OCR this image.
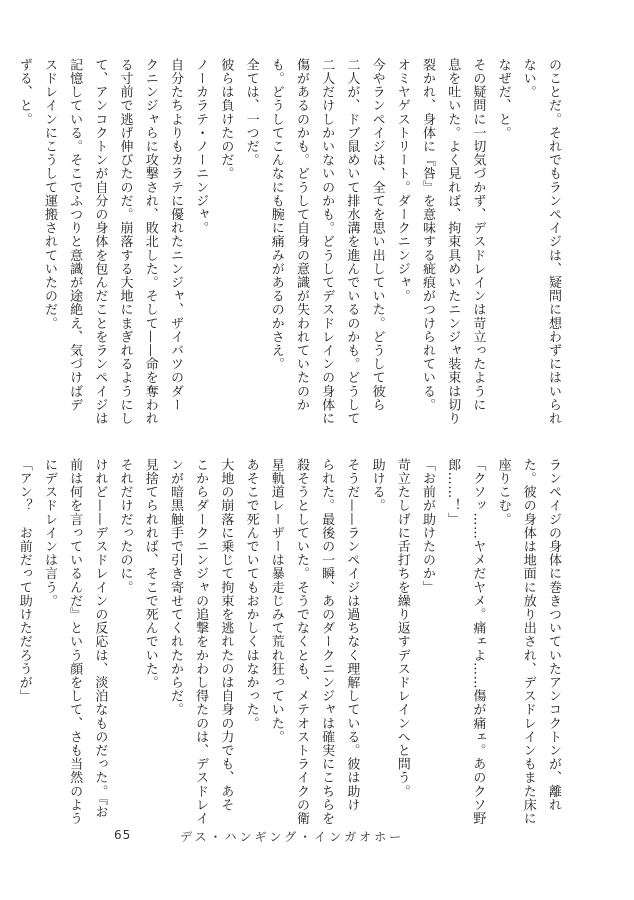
のことだ。それでもランペイジは、疑問に想わずにはいられ
ない。
なぜだ、と。
その疑問に一切気づかず、デスドレインは苛立ったように
息を吐いた。よく見れば、拘束具めいたニンジャ装束は切り
裂かれ、身体に『咎』を意味する疵痕がつけられている。
オミヤゲストリート。ダークニンジャ。
今やランペイジは、全てを思い出していた。どうして彼ら
二人が、ドブ鼠めいて排水溝を進んでいるのかも。どうして
二人だけしかいないのかも。どうしてデスドレインの身体に
傷があるのかも。どうして自身の意識が失われていたのか
も。どうしてこんなにも腕に痛みがあるのかさえ。
全ては、一つだ。
彼らは負けたのだ。
ノーカラテ・ノーニンジャ。
自分たちよりもカラテに優れたニンジャ、ザイバツのダー
クニンジャらに攻撃され、敗北した。そして——命を奪われ
る寸前で逃げ伸びたのだ。崩落する大地にまぎれるようにし
て、アンコクトンが自分の身体を包んだことをランペイジは
記憶している。そこでふつりと意識が途絶え、気づけばデ
スドレインにこうして運搬されていたのだ。
ずる、と。
ランペイジの身体に巻きついていたアンコクトンが、離れ
た。彼の身体は地面に放り出され、デスドレインもまた床に
座りこむ。
「クソッ……ヤメだヤメ。痛ェよ……傷が痛ェ。あのクソ野
郎……！」
「お前が助けたのか」
苛立たしげに舌打ちを繰り返すデスドレインへと問う。
助ける。
そうだ——ランペイジは過ちなく理解している。彼は助け
られた。最後の一瞬、あのダークニンジャは確実にこちらを
殺そうとしていた。そうでなくとも、メテオストライクの衛
星軌道レーザーは暴走じみて荒れ狂っていた。
あそこで死んでいてもおかしくはなかった。
大地の崩落に乗じて拘束を逃れたのは自身の力でも、あそ
こからダークニンジャの追撃をかわし得たのは、デスドレイ
ンが暗黒触手で引き寄せてくれたからだ。
見捨てられれば、そこで死んでいた。
それだけだったのに。
けれど——デスドレインの反応は、淡泊なものだった。『お
前は何を言っているんだ』という顔をして、さも当然のよう
にデスドレインは言う。
「アン？　お前だって助けただろうが」
65	デス・ハンギング・インガオホー
